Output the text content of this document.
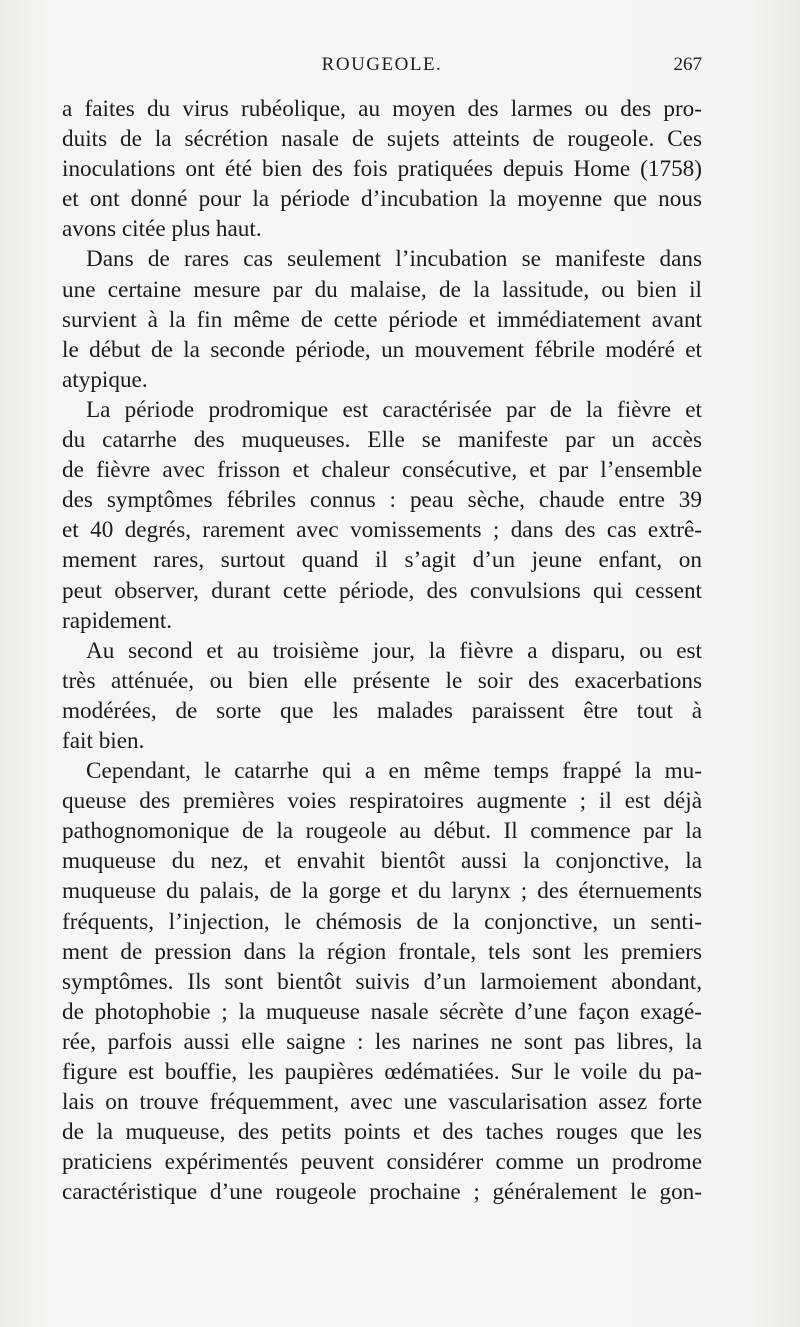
ROUGEOLE.	267
a faites du virus rubéolique, au moyen des larmes ou des pro-
duits de la sécrétion nasale de sujets atteints de rougeole. Ces
inoculations ont été bien des fois pratiquées depuis Home (1758)
et ont donné pour la période d’incubation la moyenne que nous
avons citée plus haut.
Dans de rares cas seulement l’incubation se manifeste dans
une certaine mesure par du malaise, de la lassitude, ou bien il
survient à la fin même de cette période et immédiatement avant
le début de la seconde période, un mouvement fébrile modéré et
atypique.
La période prodromique est caractérisée par de la fièvre et
du catarrhe des muqueuses. Elle se manifeste par un accès
de fièvre avec frisson et chaleur consécutive, et par l’ensemble
des symptômes fébriles connus : peau sèche, chaude entre 39
et 40 degrés, rarement avec vomissements ; dans des cas extrê-
mement rares, surtout quand il s’agit d’un jeune enfant, on
peut observer, durant cette période, des convulsions qui cessent
rapidement.
Au second et au troisième jour, la fièvre a disparu, ou est
très atténuée, ou bien elle présente le soir des exacerbations
modérées, de sorte que les malades paraissent être tout à
fait bien.
Cependant, le catarrhe qui a en même temps frappé la mu-
queuse des premières voies respiratoires augmente ; il est déjà
pathognomonique de la rougeole au début. Il commence par la
muqueuse du nez, et envahit bientôt aussi la conjonctive, la
muqueuse du palais, de la gorge et du larynx ; des éternuements
fréquents, l’injection, le chémosis de la conjonctive, un senti-
ment de pression dans la région frontale, tels sont les premiers
symptômes. Ils sont bientôt suivis d’un larmoiement abondant,
de photophobie ; la muqueuse nasale sécrète d’une façon exagé-
rée, parfois aussi elle saigne : les narines ne sont pas libres, la
figure est bouffie, les paupières œdématiées. Sur le voile du pa-
lais on trouve fréquemment, avec une vascularisation assez forte
de la muqueuse, des petits points et des taches rouges que les
praticiens expérimentés peuvent considérer comme un prodrome
caractéristique d’une rougeole prochaine ; généralement le gon-
